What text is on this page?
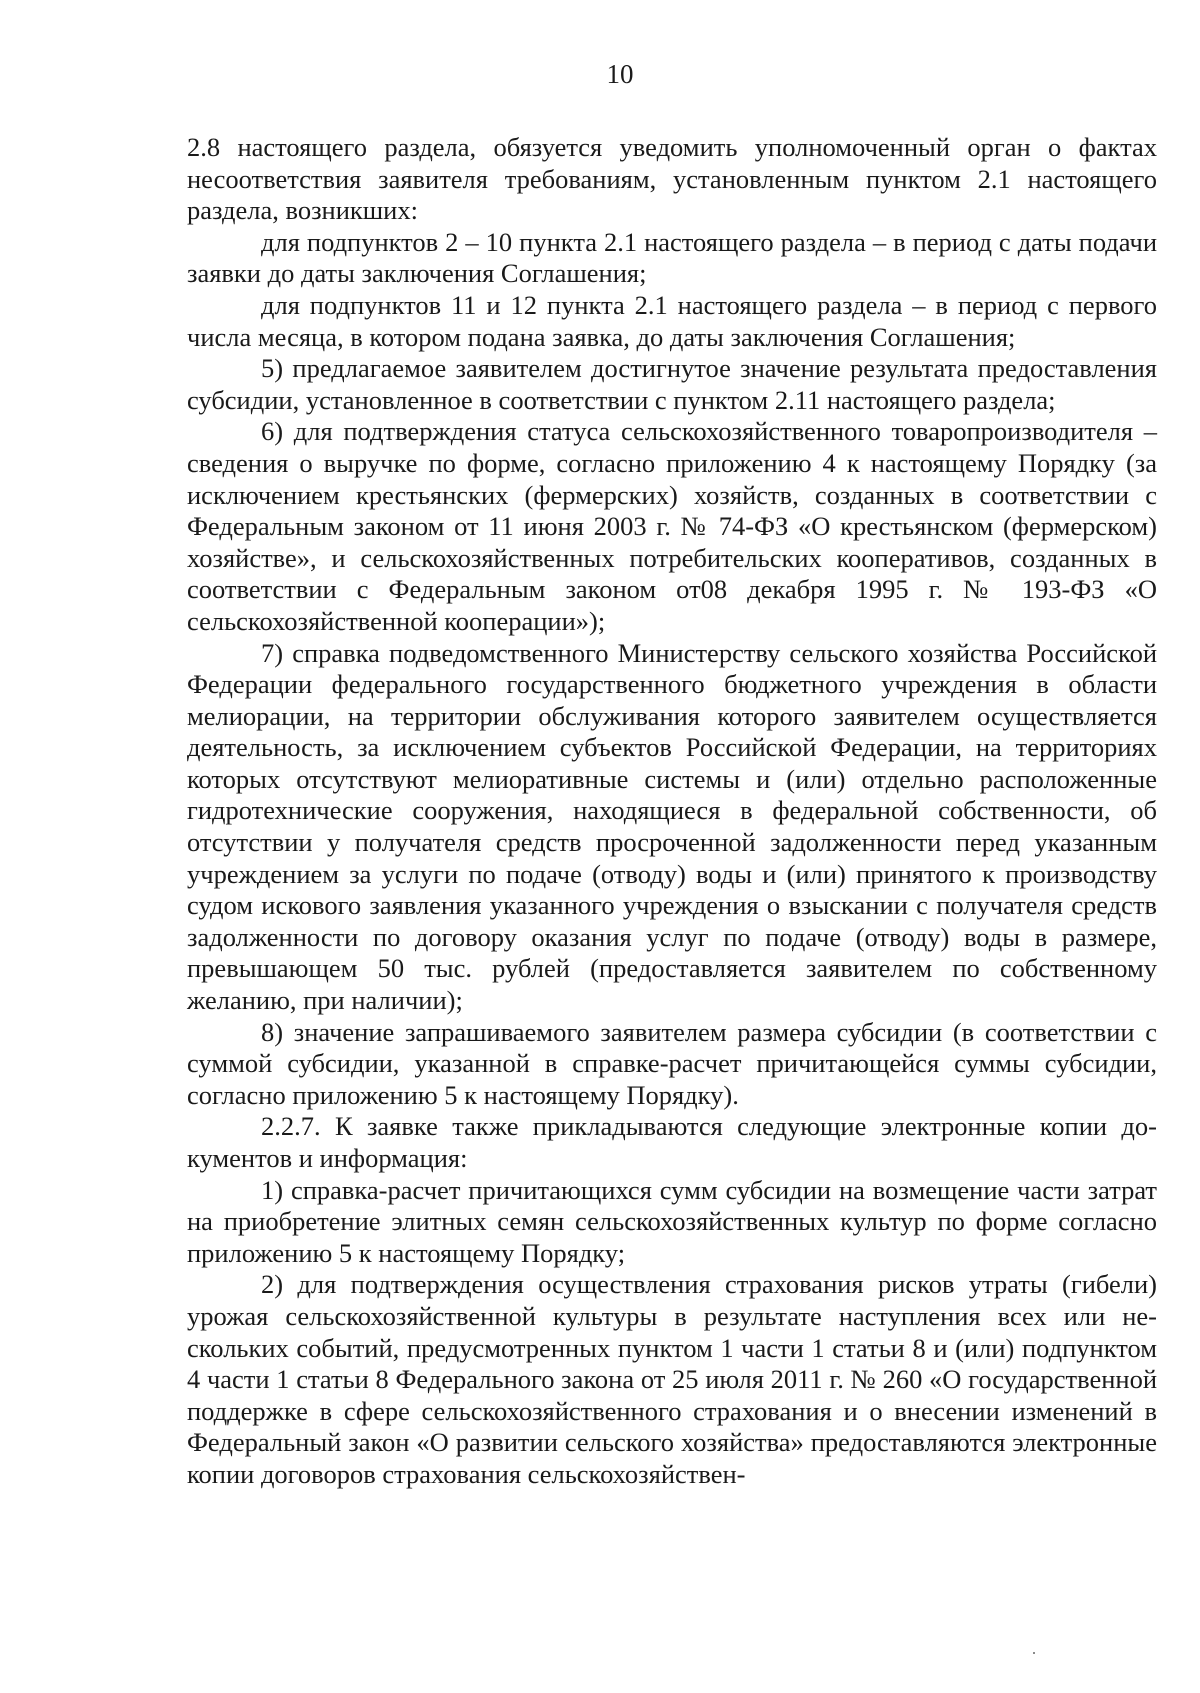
10

2.8 настоящего раздела, обязуется уведомить уполномоченный орган о фактах несоответствия заявителя требованиям, установленным пунктом 2.1 настоящего раздела, возникших:

для подпунктов 2 – 10 пункта 2.1 настоящего раздела – в период с даты подачи заявки до даты заключения Соглашения;

для подпунктов 11 и 12 пункта 2.1 настоящего раздела – в период с первого числа месяца, в котором подана заявка, до даты заключения Соглашения;

5) предлагаемое заявителем достигнутое значение результата предоставления субсидии, установленное в соответствии с пунктом 2.11 настоящего раздела;

6) для подтверждения статуса сельскохозяйственного товаропроизводителя – сведения о выручке по форме, согласно приложению 4 к настоящему Порядку (за исключением крестьянских (фермерских) хозяйств, созданных в соответствии с Федеральным законом от 11 июня 2003 г. № 74-ФЗ «О крестьянском (фермерском) хозяйстве», и сельскохозяйственных потребительских кооперативов, созданных в соответствии с Федеральным законом от08 декабря 1995 г. № 193-ФЗ «О сельскохозяйственной кооперации»);

7) справка подведомственного Министерству сельского хозяйства Российской Федерации федерального государственного бюджетного учреждения в области мелиорации, на территории обслуживания которого заявителем осуществляется деятельность, за исключением субъектов Российской Федерации, на территориях которых отсутствуют мелиоративные системы и (или) отдельно расположенные гидротехнические сооружения, находящиеся в федеральной собственности, об отсутствии у получателя средств просроченной задолженности перед указанным учреждением за услуги по подаче (отводу) воды и (или) принятого к производству судом искового заявления указанного учреждения о взыскании с получателя средств задолженности по договору оказания услуг по подаче (отводу) воды в размере, превышающем 50 тыс. рублей (предоставляется заявителем по собственному желанию, при наличии);

8) значение запрашиваемого заявителем размера субсидии (в соответствии с суммой субсидии, указанной в справке-расчет причитающейся суммы субсидии, согласно приложению 5 к настоящему Порядку).

2.2.7. К заявке также прикладываются следующие электронные копии документов и информация:

1) справка-расчет причитающихся сумм субсидии на возмещение части затрат на приобретение элитных семян сельскохозяйственных культур по форме согласно приложению 5 к настоящему Порядку;

2) для подтверждения осуществления страхования рисков утраты (гибели) урожая сельскохозяйственной культуры в результате наступления всех или нескольких событий, предусмотренных пунктом 1 части 1 статьи 8 и (или) подпунктом 4 части 1 статьи 8 Федерального закона от 25 июля 2011 г. № 260 «О государственной поддержке в сфере сельскохозяйственного страхования и о внесении изменений в Федеральный закон «О развитии сельского хозяйства» предоставляются электронные копии договоров страхования сельскохозяйствен-
